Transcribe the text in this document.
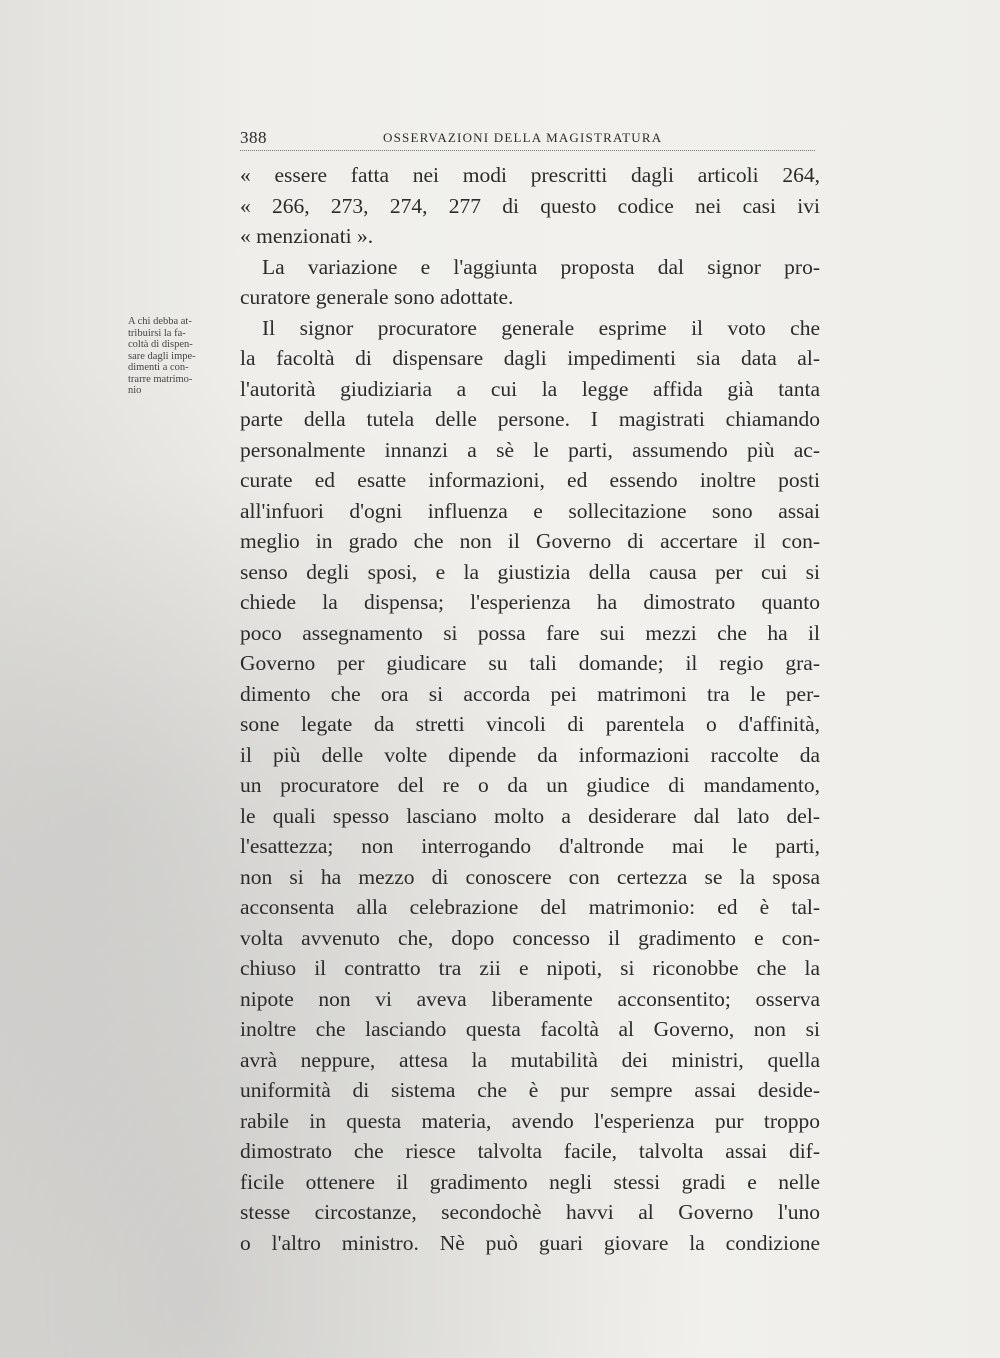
388	OSSERVAZIONI DELLA MAGISTRATURA
A chi debba at-
tribuirsi la fa-
coltà di dispen-
sare dagli impe-
dimenti a con-
trarre matrimo-
nio
« essere fatta nei modi prescritti dagli articoli 264,
« 266, 273, 274, 277 di questo codice nei casi ivi
« menzionati ».
La variazione e l'aggiunta proposta dal signor pro-
curatore generale sono adottate.
Il signor procuratore generale esprime il voto che
la facoltà di dispensare dagli impedimenti sia data al-
l'autorità giudiziaria a cui la legge affida già tanta
parte della tutela delle persone. I magistrati chiamando
personalmente innanzi a sè le parti, assumendo più ac-
curate ed esatte informazioni, ed essendo inoltre posti
all'infuori d'ogni influenza e sollecitazione sono assai
meglio in grado che non il Governo di accertare il con-
senso degli sposi, e la giustizia della causa per cui si
chiede la dispensa; l'esperienza ha dimostrato quanto
poco assegnamento si possa fare sui mezzi che ha il
Governo per giudicare su tali domande; il regio gra-
dimento che ora si accorda pei matrimoni tra le per-
sone legate da stretti vincoli di parentela o d'affinità,
il più delle volte dipende da informazioni raccolte da
un procuratore del re o da un giudice di mandamento,
le quali spesso lasciano molto a desiderare dal lato del-
l'esattezza; non interrogando d'altronde mai le parti,
non si ha mezzo di conoscere con certezza se la sposa
acconsenta alla celebrazione del matrimonio: ed è tal-
volta avvenuto che, dopo concesso il gradimento e con-
chiuso il contratto tra zii e nipoti, si riconobbe che la
nipote non vi aveva liberamente acconsentito; osserva
inoltre che lasciando questa facoltà al Governo, non si
avrà neppure, attesa la mutabilità dei ministri, quella
uniformità di sistema che è pur sempre assai deside-
rabile in questa materia, avendo l'esperienza pur troppo
dimostrato che riesce talvolta facile, talvolta assai dif-
ficile ottenere il gradimento negli stessi gradi e nelle
stesse circostanze, secondochè havvi al Governo l'uno
o l'altro ministro. Nè può guari giovare la condizione
